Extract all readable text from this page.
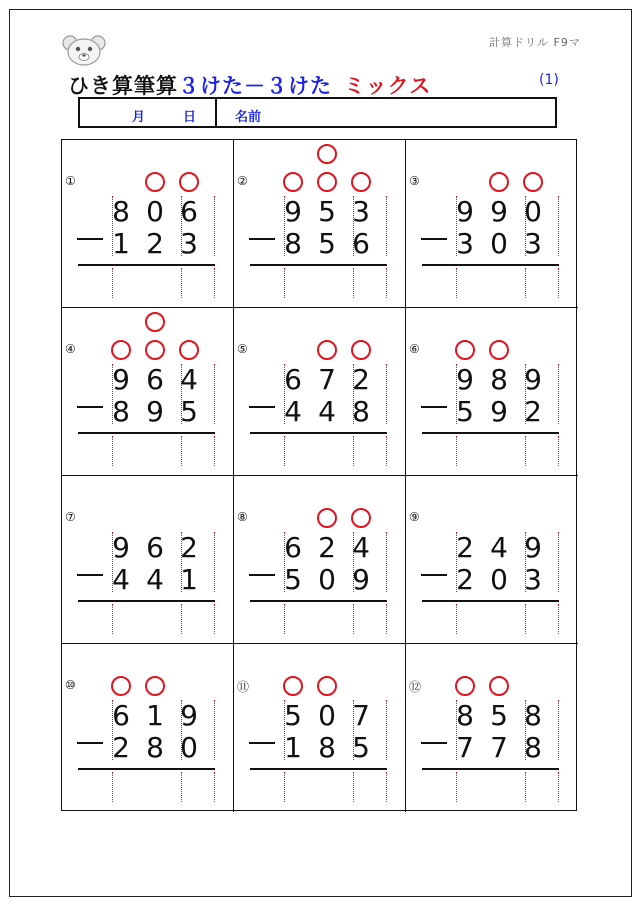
計算ドリル F9マ
ひき算筆算３けた－３けた ミックス	(1)
月	日	名前
①
8 0 6
1 2 3
②
9 5 3
8 5 6
③
9 9 0
3 0 3
④
9 6 4
8 9 5
⑤
6 7 2
4 4 8
⑥
9 8 9
5 9 2
⑦
9 6 2
4 4 1
⑧
6 2 4
5 0 9
⑨
2 4 9
2 0 3
⑩
6 1 9
2 8 0
⑪
5 0 7
1 8 5
⑫
8 5 8
7 7 8
